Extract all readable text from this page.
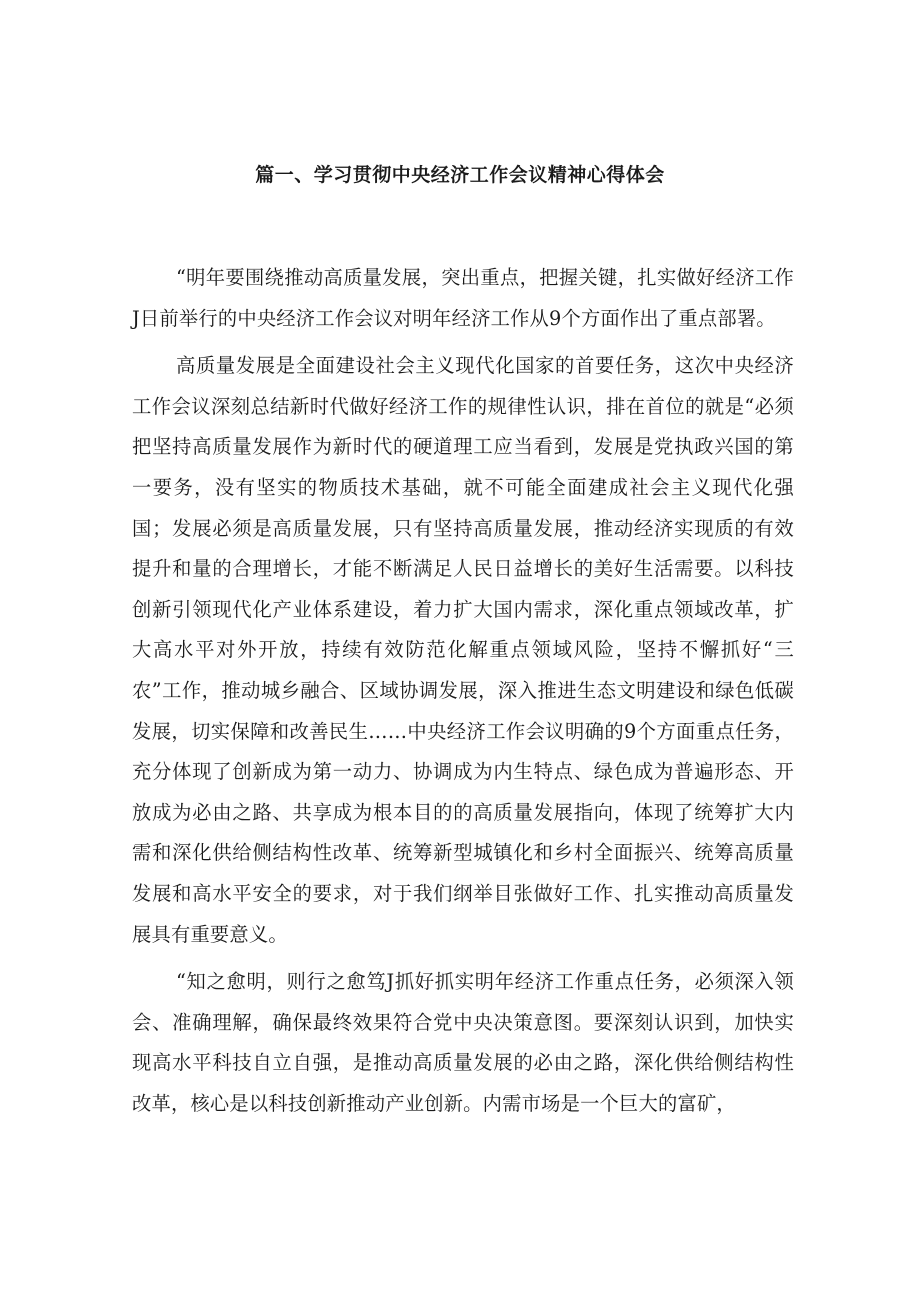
篇一、学习贯彻中央经济工作会议精神心得体会

“明年要围绕推动高质量发展，突出重点，把握关键，扎实做好经济工作J日前举行的中央经济工作会议对明年经济工作从9个方面作出了重点部署。

高质量发展是全面建设社会主义现代化国家的首要任务，这次中央经济工作会议深刻总结新时代做好经济工作的规律性认识，排在首位的就是“必须把坚持高质量发展作为新时代的硬道理工应当看到，发展是党执政兴国的第一要务，没有坚实的物质技术基础，就不可能全面建成社会主义现代化强国；发展必须是高质量发展，只有坚持高质量发展，推动经济实现质的有效提升和量的合理增长，才能不断满足人民日益增长的美好生活需要。以科技创新引领现代化产业体系建设，着力扩大国内需求，深化重点领域改革，扩大高水平对外开放，持续有效防范化解重点领域风险，坚持不懈抓好“三农”工作，推动城乡融合、区域协调发展，深入推进生态文明建设和绿色低碳发展，切实保障和改善民生……中央经济工作会议明确的9个方面重点任务，充分体现了创新成为第一动力、协调成为内生特点、绿色成为普遍形态、开放成为必由之路、共享成为根本目的的高质量发展指向，体现了统筹扩大内需和深化供给侧结构性改革、统筹新型城镇化和乡村全面振兴、统筹高质量发展和高水平安全的要求，对于我们纲举目张做好工作、扎实推动高质量发展具有重要意义。

“知之愈明，则行之愈笃J抓好抓实明年经济工作重点任务，必须深入领会、准确理解，确保最终效果符合党中央决策意图。要深刻认识到，加快实现高水平科技自立自强，是推动高质量发展的必由之路，深化供给侧结构性改革，核心是以科技创新推动产业创新。内需市场是一个巨大的富矿，
